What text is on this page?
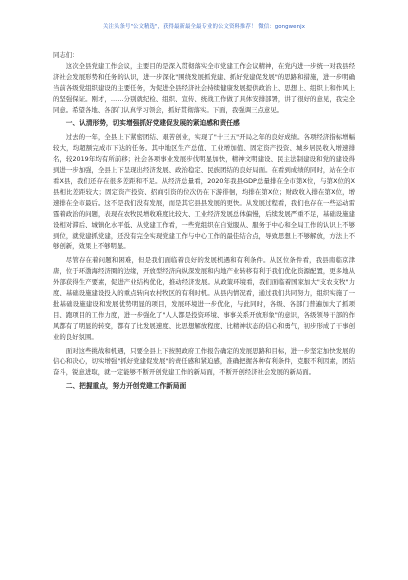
关注头条号"公文精选"，获得最新最全最专业的公文资料推荐！ 微信：gongwenjx

同志们：

这次全县党建工作会议，主要目的是深入贯彻落实全市党建工作会议精神，在党内进一步统一对我县经济社会发展形势和任务的认识，进一步深化"围绕发展抓党建、抓好党建促发展"的思路和措施，进一步明确当前各级党组织建设的主要任务，为促进全县经济社会持续健康发展提供政治上、思想上、组织上和作风上的坚强保证。刚才，……分别就纪检、组织、宣传、统战工作做了具体安排部署，讲了很好的意见，我完全同意。希望各地、各部门认真学习领会，抓好贯彻落实。下面，我强调三点意见。

一、认清形势，切实增强抓好党建促发展的紧迫感和责任感

过去的一年，全县上下紧密团结、艰苦创业，实现了"十三五"开局之年的良好成绩。各项经济指标增幅较大，均超额完成市下达的任务。其中地区生产总值、工业增加值、固定资产投资、城乡居民收入增速排名，较2019年均有所前移；社会各项事业发展步伐明显加快，精神文明建设、民主法制建设和党的建设得到进一步加强，全县上下呈现出经济发展、政治稳定、民族团结的良好局面。在看到成绩的同时，站在全市看X县，我们还存在很多差距和不足。从经济总量看，2020年我县GDP总量排在全市第X位，与第X位的X县相比差距较大；固定资产投资、招商引资的位次仍在下游徘徊，均排在第X位；财政收入排在第X位，增速排在全市最后。这不是我们没有发展，而是其它县县发展的更快。从发展过程看，我们也存在一些运动雷霆着政治的问题，表现在农牧民增收难度比较大、工业经济发展总体偏慢，后续发展严重不足，基础设施建设相对滞后、城镇化水平低、从党建工作看，一些党组织在自觉服从、服务于中心和全局工作的认识上不够到位，就党建抓党建，还没有完全实现党建工作与中心工作的最佳结合点，导致思想上不够解放，方法上不够创新，效果上不够明显。

尽管存在着问题和困难，但是我们面临着良好的发展机遇和有利条件。从区位条件看，我县南临京津唐，位于环渤海经济圈的边缘，开放型经济向纵深发展和内地产业转移有利于我们优化资源配置，更多地从外部获得生产要素，促进产业结构优化，推动经济发展。从政策环境看，我们面临着国家加大"支农支牧"力度、基础设施建设投入的重点转向农村牧区的有利时机。从县内情况看，通过我们共同努力，组织实施了一批基础设施建设和发展优势明显的项目，发展环境进一步优化，与此同时，各级、各部门普遍加大了抓项目、跑项目的工作力度，进一步强化了"人人都是投资环境、事事关系开放形象"的意识，各级领导干部的作风都有了明显的转变，都有了比发展速度、比思想解放程度、比精神状态的信心和勇气，初步形成了干事创业的良好氛围。

面对这些挑战和机遇，只要全县上下按照政府工作报告确定的发展思路和目标，进一步坚定加快发展的信心和决心，切实增强"抓好党建促发展"的责任感和紧迫感，准确把握各种有利条件，克服不利因素，团结奋斗，锐意进取，就一定能够不断开创党建工作的新局面，不断开创经济社会发展的新局面。

二、把握重点，努力开创党建工作新局面
